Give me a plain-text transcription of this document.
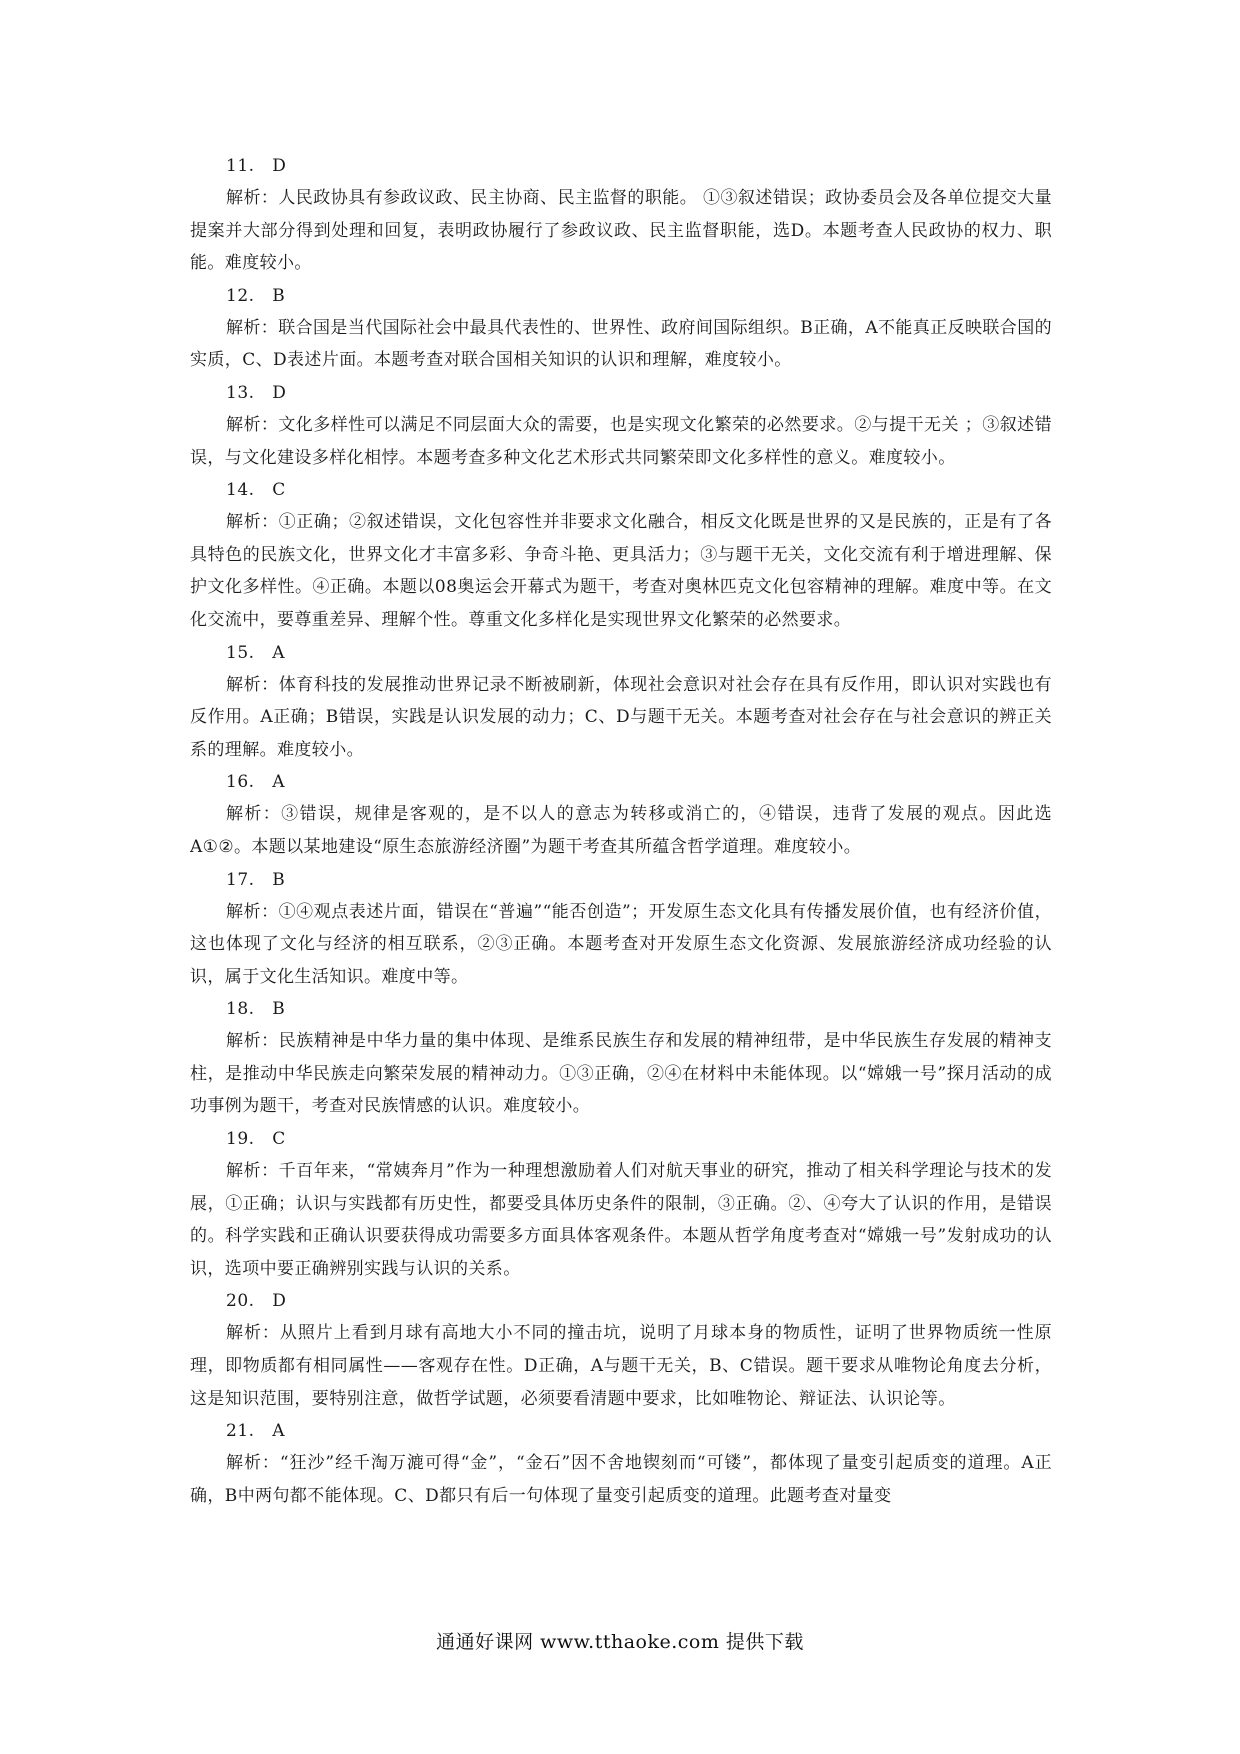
11.   D
解析：人民政协具有参政议政、民主协商、民主监督的职能。 ①③叙述错误；政协委员会及各单位提交大量提案并大部分得到处理和回复，表明政协履行了参政议政、民主监督职能，选D。本题考查人民政协的权力、职能。难度较小。
12.   B
解析：联合国是当代国际社会中最具代表性的、世界性、政府间国际组织。B正确，A不能真正反映联合国的实质，C、D表述片面。本题考查对联合国相关知识的认识和理解，难度较小。
13.   D
解析：文化多样性可以满足不同层面大众的需要，也是实现文化繁荣的必然要求。②与提干无关 ；③叙述错误，与文化建设多样化相悖。本题考查多种文化艺术形式共同繁荣即文化多样性的意义。难度较小。
14.   C
解析：①正确；②叙述错误，文化包容性并非要求文化融合，相反文化既是世界的又是民族的，正是有了各具特色的民族文化，世界文化才丰富多彩、争奇斗艳、更具活力；③与题干无关，文化交流有利于增进理解、保护文化多样性。④正确。本题以08奥运会开幕式为题干，考查对奥林匹克文化包容精神的理解。难度中等。在文化交流中，要尊重差异、理解个性。尊重文化多样化是实现世界文化繁荣的必然要求。
15.   A
解析：体育科技的发展推动世界记录不断被刷新，体现社会意识对社会存在具有反作用，即认识对实践也有反作用。A正确；B错误，实践是认识发展的动力；C、D与题干无关。本题考查对社会存在与社会意识的辨正关系的理解。难度较小。
16.   A
解析：③错误，规律是客观的，是不以人的意志为转移或消亡的，④错误，违背了发展的观点。因此选A①②。本题以某地建设“原生态旅游经济圈”为题干考查其所蕴含哲学道理。难度较小。
17.   B
解析：①④观点表述片面，错误在“普遍”“能否创造”；开发原生态文化具有传播发展价值，也有经济价值，这也体现了文化与经济的相互联系，②③正确。本题考查对开发原生态文化资源、发展旅游经济成功经验的认识，属于文化生活知识。难度中等。
18.   B
解析：民族精神是中华力量的集中体现、是维系民族生存和发展的精神纽带，是中华民族生存发展的精神支柱，是推动中华民族走向繁荣发展的精神动力。①③正确，②④在材料中未能体现。以“嫦娥一号”探月活动的成功事例为题干，考查对民族情感的认识。难度较小。
19.   C
解析：千百年来，“常姨奔月”作为一种理想激励着人们对航天事业的研究，推动了相关科学理论与技术的发展，①正确；认识与实践都有历史性，都要受具体历史条件的限制，③正确。②、④夸大了认识的作用，是错误的。科学实践和正确认识要获得成功需要多方面具体客观条件。本题从哲学角度考查对“嫦娥一号”发射成功的认识，选项中要正确辨别实践与认识的关系。
20.   D
解析：从照片上看到月球有高地大小不同的撞击坑，说明了月球本身的物质性，证明了世界物质统一性原理，即物质都有相同属性——客观存在性。D正确，A与题干无关，B、C错误。题干要求从唯物论角度去分析，这是知识范围，要特别注意，做哲学试题，必须要看清题中要求，比如唯物论、辩证法、认识论等。
21.   A
解析：“狂沙”经千淘万漉可得“金”，“金石”因不舍地锲刻而“可镂”，都体现了量变引起质变的道理。A正确，B中两句都不能体现。C、D都只有后一句体现了量变引起质变的道理。此题考查对量变
通通好课网 www.tthaoke.com 提供下载
